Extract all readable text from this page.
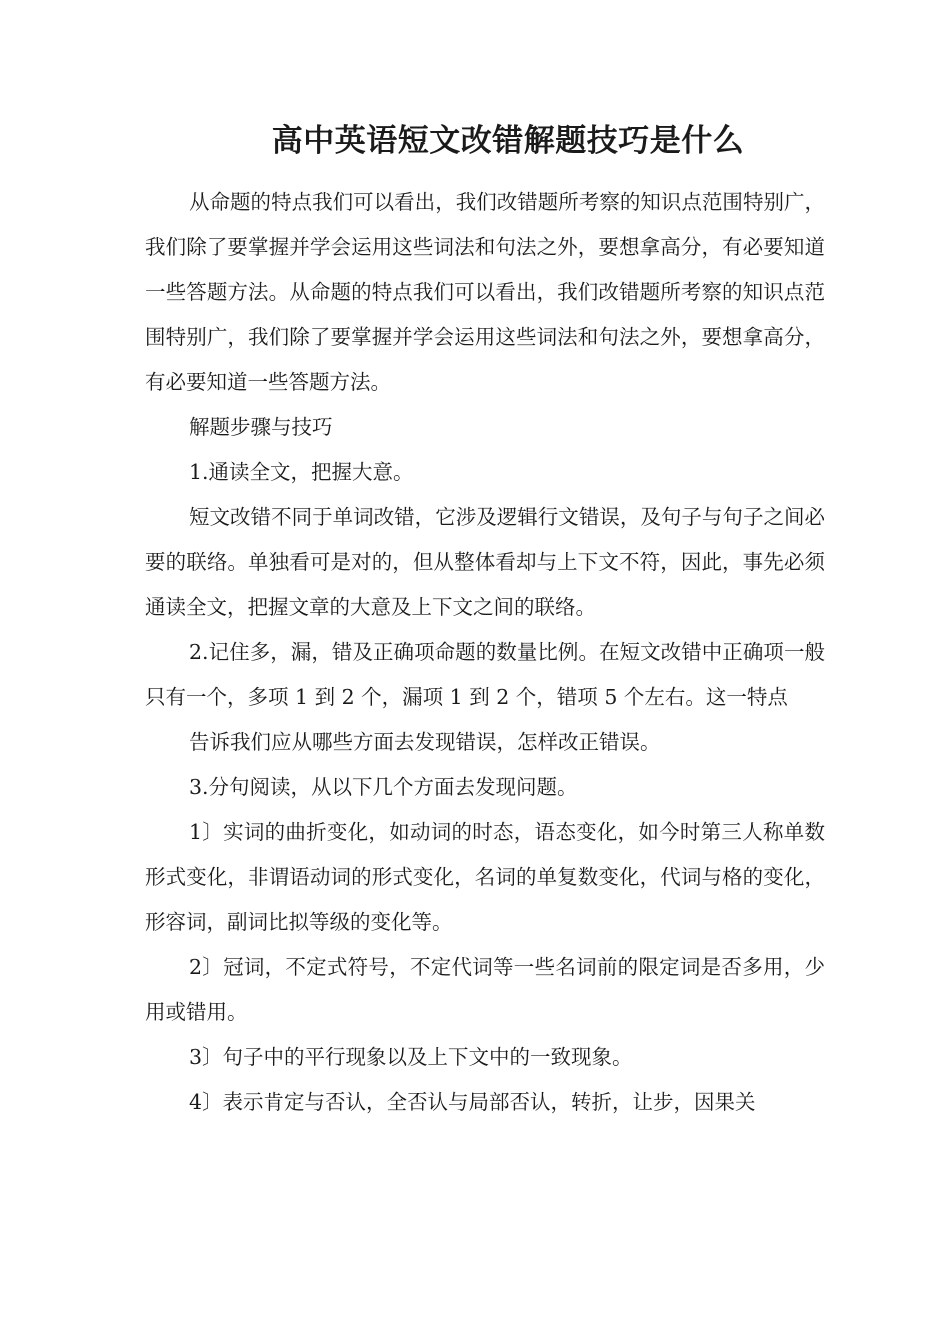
高中英语短文改错解题技巧是什么

从命题的特点我们可以看出，我们改错题所考察的知识点范围特别广，我们除了要掌握并学会运用这些词法和句法之外，要想拿高分，有必要知道一些答题方法。从命题的特点我们可以看出，我们改错题所考察的知识点范围特别广，我们除了要掌握并学会运用这些词法和句法之外，要想拿高分，有必要知道一些答题方法。

解题步骤与技巧

1.通读全文，把握大意。

短文改错不同于单词改错，它涉及逻辑行文错误，及句子与句子之间必要的联络。单独看可是对的，但从整体看却与上下文不符，因此，事先必须通读全文，把握文章的大意及上下文之间的联络。

2.记住多，漏，错及正确项命题的数量比例。在短文改错中正确项一般只有一个，多项 1 到 2 个，漏项 1 到 2 个，错项 5 个左右。这一特点

告诉我们应从哪些方面去发现错误，怎样改正错误。

3.分句阅读，从以下几个方面去发现问题。

1〕实词的曲折变化，如动词的时态，语态变化，如今时第三人称单数形式变化，非谓语动词的形式变化，名词的单复数变化，代词与格的变化，形容词，副词比拟等级的变化等。

2〕冠词，不定式符号，不定代词等一些名词前的限定词是否多用，少用或错用。

3〕句子中的平行现象以及上下文中的一致现象。

4〕表示肯定与否认，全否认与局部否认，转折，让步，因果关
